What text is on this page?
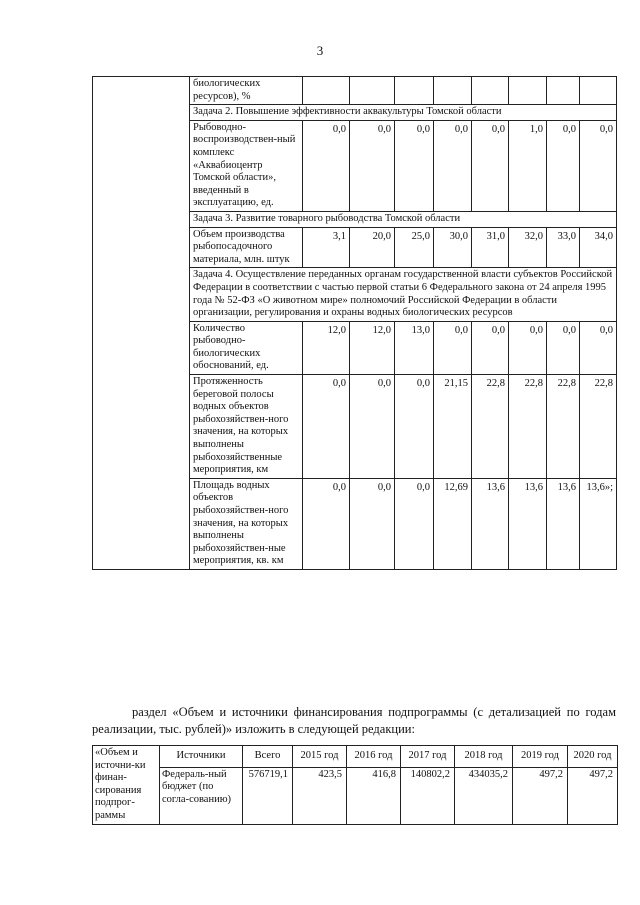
3
	биологических ресурсов), %								
	Задача 2. Повышение эффективности аквакультуры Томской области								
	Рыбоводно-воспроизводствен-ный комплекс «Аквабиоцентр Томской области», введенный в эксплуатацию, ед.	0,0	0,0	0,0	0,0	0,0	1,0	0,0	0,0
	Задача 3. Развитие товарного рыбоводства Томской области								
	Объем производства рыбопосадочного материала, млн. штук	3,1	20,0	25,0	30,0	31,0	32,0	33,0	34,0
	Задача 4. Осуществление переданных органам государственной власти субъектов Российской Федерации в соответствии с частью первой статьи 6 Федерального закона от 24 апреля 1995 года № 52-ФЗ «О животном мире» полномочий Российской Федерации в области организации, регулирования и охраны водных биологических ресурсов								
	Количество рыбоводно-биологических обоснований, ед.	12,0	12,0	13,0	0,0	0,0	0,0	0,0	0,0
	Протяженность береговой полосы водных объектов рыбохозяйствен-ного значения, на которых выполнены рыбохозяйственные мероприятия, км	0,0	0,0	0,0	21,15	22,8	22,8	22,8	22,8
	Площадь водных объектов рыбохозяйствен-ного значения, на которых выполнены рыбохозяйствен-ные мероприятия, кв. км	0,0	0,0	0,0	12,69	13,6	13,6	13,6	13,6»;
раздел «Объем и источники финансирования подпрограммы (с детализацией по годам реализации, тыс. рублей)» изложить в следующей редакции:
«Объем и источни-ки финан-сирования подпрог-раммы	Источники	Всего	2015 год	2016 год	2017 год	2018 год	2019 год	2020 год
	Федераль-ный бюджет (по согла-сованию)	576719,1	423,5	416,8	140802,2	434035,2	497,2	497,2
